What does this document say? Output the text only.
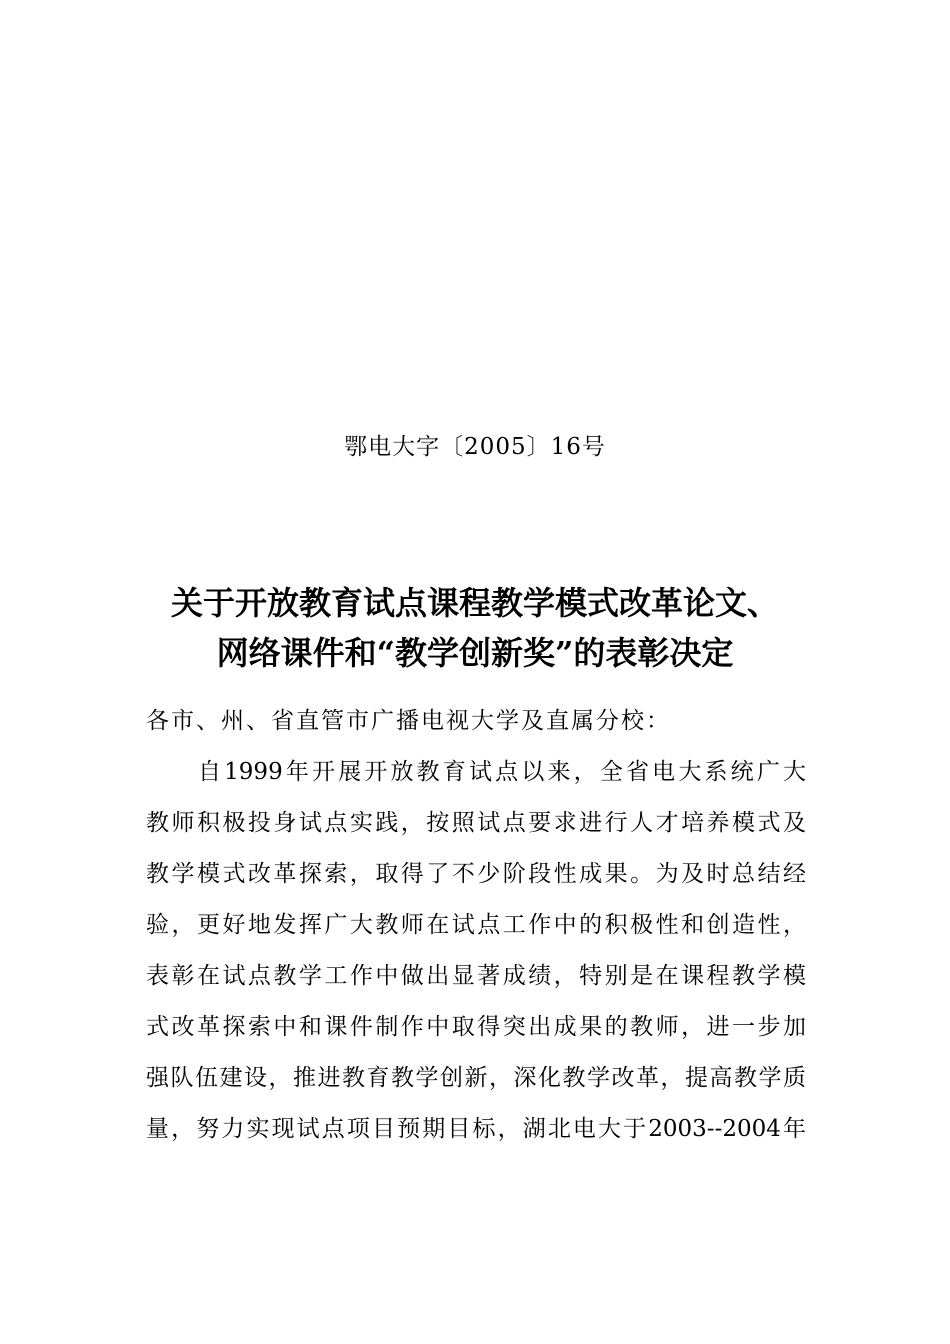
鄂电大字〔2005〕16号
关于开放教育试点课程教学模式改革论文、
网络课件和“教学创新奖”的表彰决定
各市、州、省直管市广播电视大学及直属分校：
自1999年开展开放教育试点以来，全省电大系统广大
教师积极投身试点实践，按照试点要求进行人才培养模式及
教学模式改革探索，取得了不少阶段性成果。为及时总结经
验，更好地发挥广大教师在试点工作中的积极性和创造性，
表彰在试点教学工作中做出显著成绩，特别是在课程教学模
式改革探索中和课件制作中取得突出成果的教师，进一步加
强队伍建设，推进教育教学创新，深化教学改革，提高教学质
量，努力实现试点项目预期目标，湖北电大于2003--2004年
